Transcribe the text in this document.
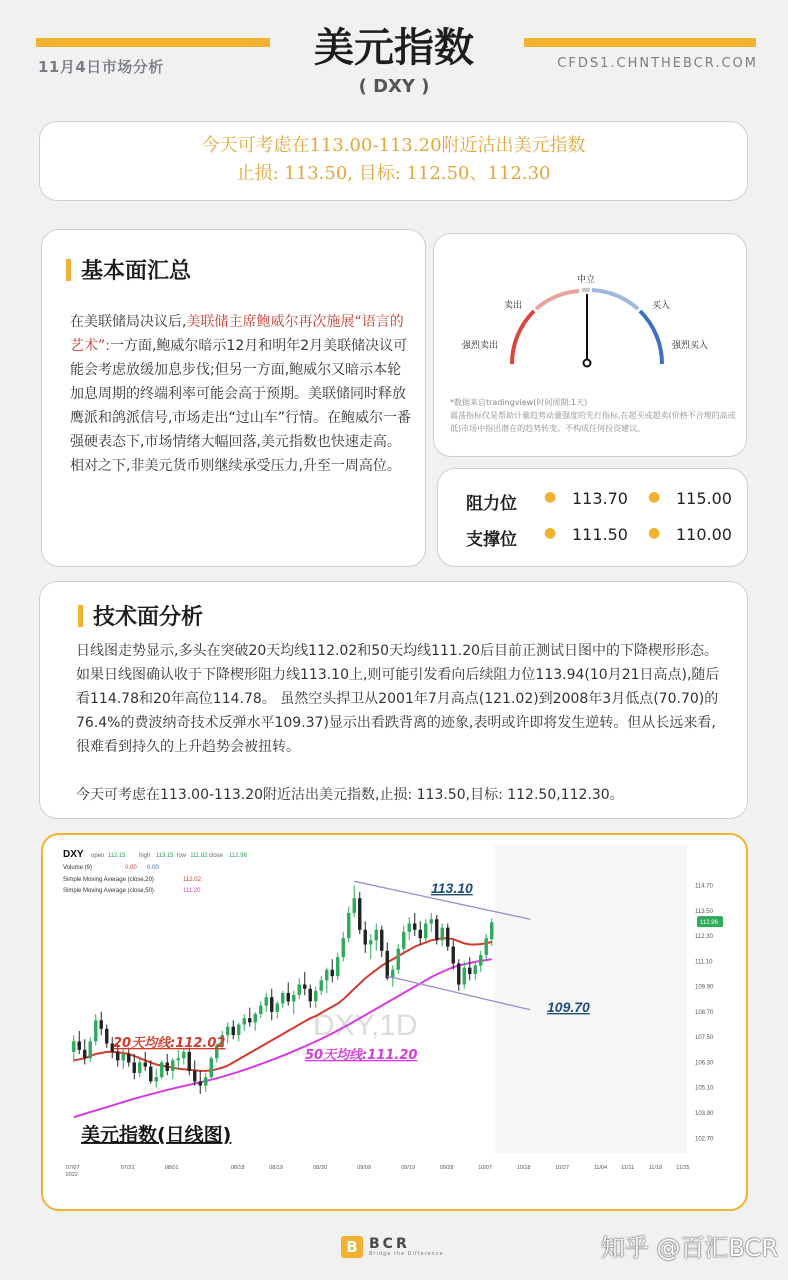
11月4日市场分析	美元指数
( DXY )
CFDS1.CHNTHEBCR.COM
今天可考虑在113.00-113.20附近沽出美元指数
止损: 113.50, 目标: 112.50、112.30
基本面汇总
在美联储局决议后,美联储主席鲍威尔再次施展“语言的艺术”:一方面,鲍威尔暗示12月和明年2月美联储决议可能会考虑放缓加息步伐;但另一方面,鲍威尔又暗示本轮加息周期的终端利率可能会高于预期。美联储同时释放鹰派和鸽派信号,市场走出“过山车”行情。在鲍威尔一番强硬表态下,市场情绪大幅回落,美元指数也快速走高。相对之下,非美元货币则继续承受压力,升至一周高位。
中立
卖出	买入
强烈卖出	强烈买入
*数据来自tradingview(时间周期:1天)
震荡指标仅是帮助计量趋势动量强度的先行指标,在超买或超卖(价格不合理的高或低)市场中指出潜在的趋势转变。不构成任何投资建议。
阻力位 ● 113.70 ● 115.00
支撑位 ● 111.50 ● 110.00
技术面分析
日线图走势显示,多头在突破20天均线112.02和50天均线111.20后目前正测试日图中的下降楔形形态。如果日线图确认收于下降楔形阻力线113.10上,则可能引发看向后续阻力位113.94(10月21日高点),随后看114.78和20年高位114.78。 虽然空头捍卫从2001年7月高点(121.02)到2008年3月低点(70.70)的76.4%的费波纳奇技术反弹水平109.37)显示出看跌背离的迹象,表明或许即将发生逆转。但从长远来看,很难看到持久的上升趋势会被扭转。
今天可考虑在113.00-113.20附近沽出美元指数,止损: 113.50,目标: 112.50,112.30。
DXY,1D
DXY open 112.15 high 113.15 low 111.82 close 112.96
Volume (9)	0.00 0.00
Simple Moving Average (close,20)	112.02
Simple Moving Average (close,50)	111.20
114.70
113.50
112.30
111.10
109.90
108.70
107.50
106.30
105.10
103.90
102.70
07/07
2022
07/21	08/01	08/18	08/19	08/30	09/09	09/19	09/28	10/07	10/18	10/27	11/04	11/11	11/18	11/25
113.10
109.70
20天均线:112.02
50天均线:111.20
美元指数(日线图)
112.96
B BCR
Bridge the Difference	知乎 @百汇BCR
